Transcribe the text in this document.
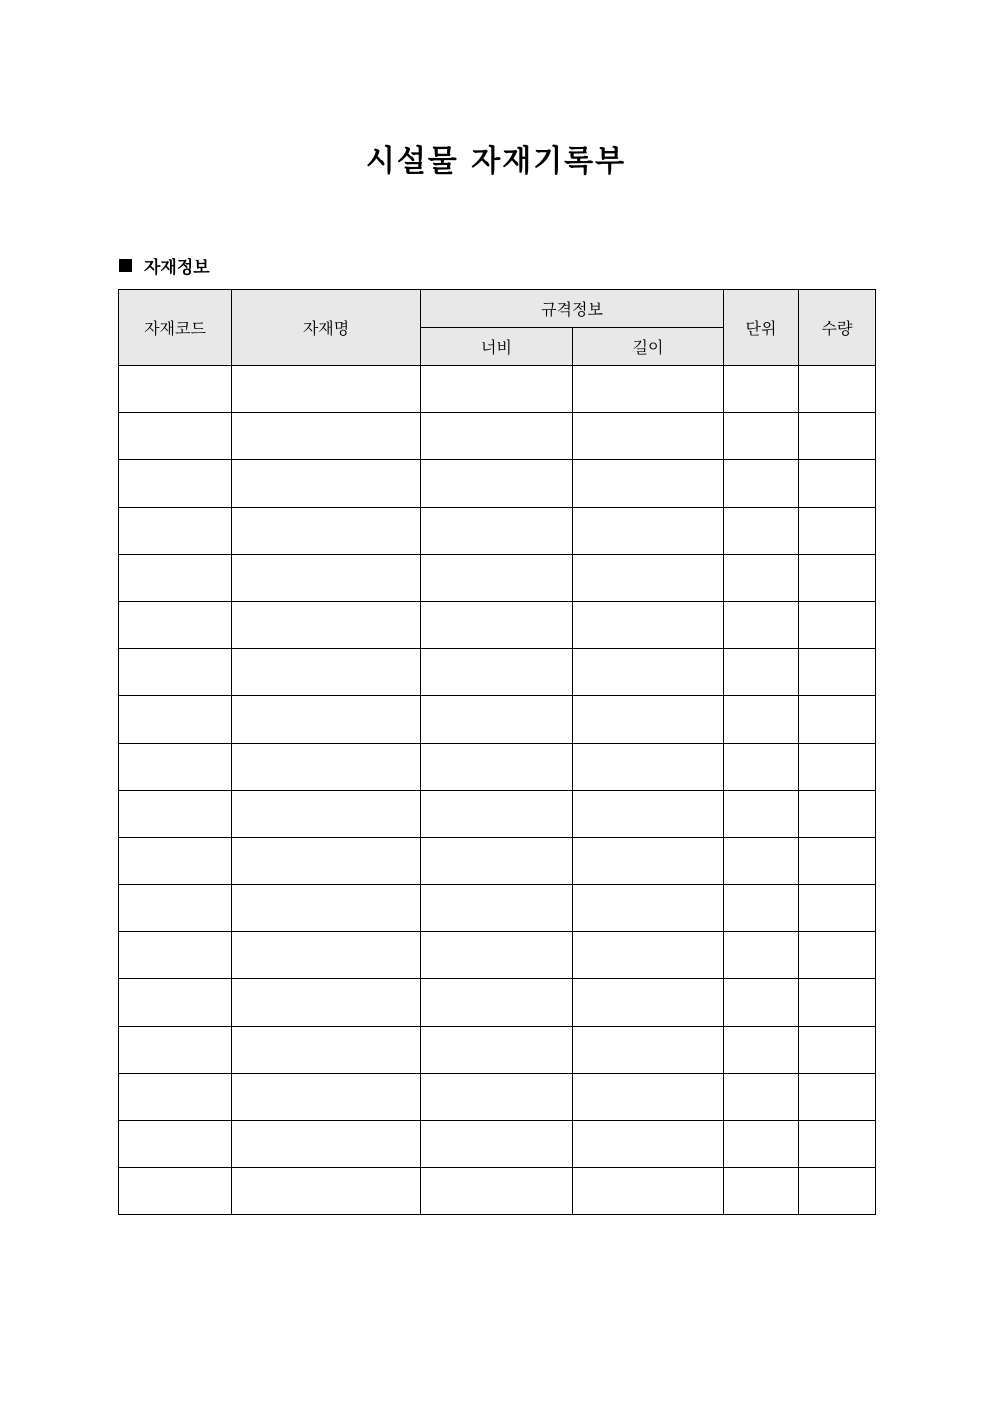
시설물 자재기록부
자재정보
자재코드	자재명	규격정보		단위	수량
		너비	길이		
